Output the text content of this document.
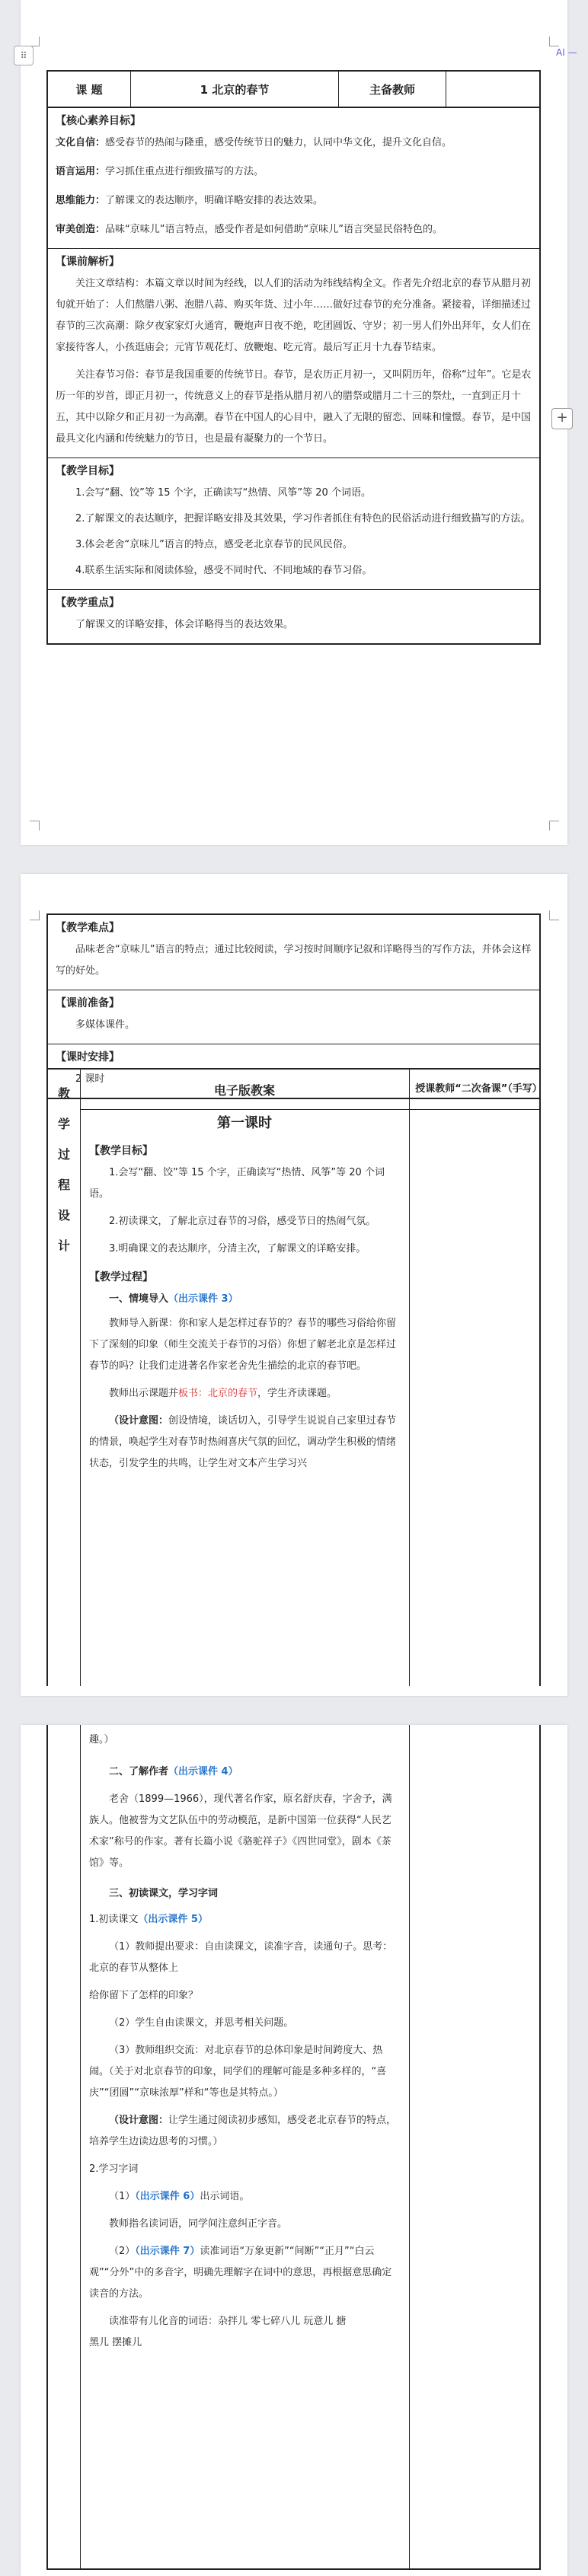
课 题	1 北京的春节	主备教师
【核心素养目标】

文化自信：感受春节的热闹与隆重，感受传统节日的魅力，认同中华文化，提升文化自信。

语言运用：学习抓住重点进行细致描写的方法。

思维能力：了解课文的表达顺序，明确详略安排的表达效果。

审美创造：品味“京味儿”语言特点，感受作者是如何借助“京味儿”语言突显民俗特色的。

【课前解析】

关注文章结构：本篇文章以时间为经线，以人们的活动为纬线结构全文。作者先介绍北京的春节从腊月初旬就开始了：人们熬腊八粥、泡腊八蒜、购买年货、过小年……做好过春节的充分准备。紧接着，详细描述过春节的三次高潮：除夕夜家家灯火通宵，鞭炮声日夜不绝，吃团圆饭、守岁；初一男人们外出拜年，女人们在家接待客人，小孩逛庙会；元宵节观花灯、放鞭炮、吃元宵。最后写正月十九春节结束。

关注春节习俗：春节是我国重要的传统节日。春节，是农历正月初一，又叫阴历年，俗称“过年”。它是农历一年的岁首，即正月初一，传统意义上的春节是指从腊月初八的腊祭或腊月二十三的祭灶，一直到正月十五，其中以除夕和正月初一为高潮。春节在中国人的心目中，融入了无限的留恋、回味和憧憬。春节，是中国最具文化内涵和传统魅力的节日，也是最有凝聚力的一个节日。

【教学目标】

1.会写“翻、饺”等 15 个字，正确读写“热情、风筝”等 20 个词语。

2.了解课文的表达顺序，把握详略安排及其效果，学习作者抓住有特色的民俗活动进行细致描写的方法。

3.体会老舍“京味儿”语言的特点，感受老北京春节的民风民俗。

4.联系生活实际和阅读体验，感受不同时代、不同地域的春节习俗。

【教学重点】

了解课文的详略安排，体会详略得当的表达效果。

⠿	AI —
+
【教学难点】

品味老舍“京味儿”语言的特点；通过比较阅读，学习按时间顺序记叙和详略得当的写作方法，并体会这样写的好处。

【课前准备】

多媒体课件。

【课时安排】

2 课时

教
学
过
程
设
计
电子版教案	授课教师“二次备课”（手写）
第一课时
【教学目标】

1.会写“翻、饺”等 15 个字，正确读写“热情、风筝”等 20 个词语。

2.初读课文，了解北京过春节的习俗，感受节日的热闹气氛。

3.明确课文的表达顺序，分清主次，了解课文的详略安排。

【教学过程】

一、情境导入（出示课件 3）

教师导入新课：你和家人是怎样过春节的？春节的哪些习俗给你留下了深刻的印象（师生交流关于春节的习俗）你想了解老北京是怎样过春节的吗？让我们走进著名作家老舍先生描绘的北京的春节吧。

教师出示课题并板书：北京的春节，学生齐读课题。

（设计意图：创设情境，谈话切入，引导学生说说自己家里过春节的情景，唤起学生对春节时热闹喜庆气氛的回忆，调动学生积极的情绪状态，引发学生的共鸣，让学生对文本产生学习兴

趣。）

二、了解作者（出示课件 4）

老舍（1899—1966），现代著名作家，原名舒庆春，字舍予，满族人。他被誉为文艺队伍中的劳动模范，是新中国第一位获得“人民艺术家”称号的作家。著有长篇小说《骆驼祥子》《四世同堂》，剧本《茶馆》等。

三、初读课文，学习字词

1.初读课文（出示课件 5）

（1）教师提出要求：自由读课文，读准字音，读通句子。思考：北京的春节从整体上

给你留下了怎样的印象？

（2）学生自由读课文，并思考相关问题。

（3）教师组织交流：对北京春节的总体印象是时间跨度大、热闹。（关于对北京春节的印象，同学们的理解可能是多种多样的，“喜庆”“团圆”“京味浓厚”样和“等也是其特点。）

（设计意图：让学生通过阅读初步感知，感受老北京春节的特点，培养学生边读边思考的习惯。）

2.学习字词

（1）（出示课件 6）出示词语。

教师指名读词语，同学间注意纠正字音。

（2）（出示课件 7）读准词语“万象更新”“间断”“正月”“白云观”“分外”中的多音字，明确先理解字在词中的意思，再根据意思确定读音的方法。

读准带有儿化音的词语：杂拌儿 零七碎八儿 玩意儿 搪

黑儿 摆摊儿
